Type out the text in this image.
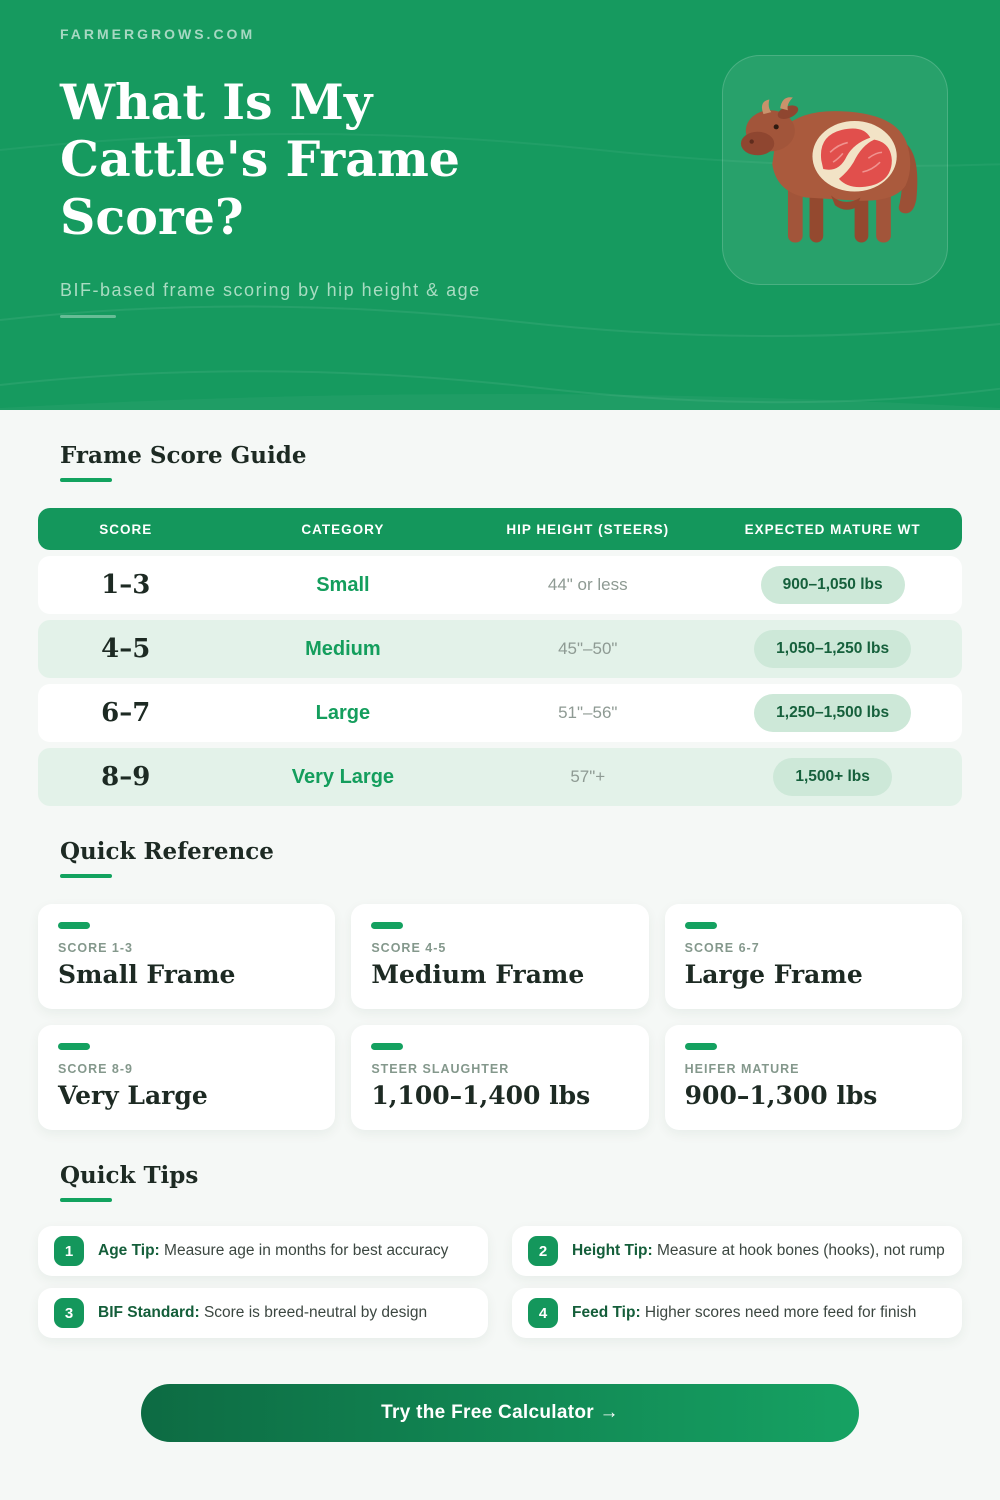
FARMERGROWS.COM
What Is My
Cattle's Frame
Score?
BIF-based frame scoring by hip height & age
Frame Score Guide
SCORE	CATEGORY	HIP HEIGHT (STEERS)	EXPECTED MATURE WT
1–3	Small	44" or less	900–1,050 lbs
4–5	Medium	45"–50"	1,050–1,250 lbs
6–7	Large	51"–56"	1,250–1,500 lbs
8–9	Very Large	57"+	1,500+ lbs
Quick Reference
SCORE 1-3
Small Frame
SCORE 4-5
Medium Frame
SCORE 6-7
Large Frame
SCORE 8-9
Very Large
STEER SLAUGHTER
1,100–1,400 lbs
HEIFER MATURE
900–1,300 lbs
Quick Tips
1	Age Tip: Measure age in months for best accuracy	2	Height Tip: Measure at hook bones (hooks), not rump
3	BIF Standard: Score is breed-neutral by design	4	Feed Tip: Higher scores need more feed for finish
Try the Free Calculator →
